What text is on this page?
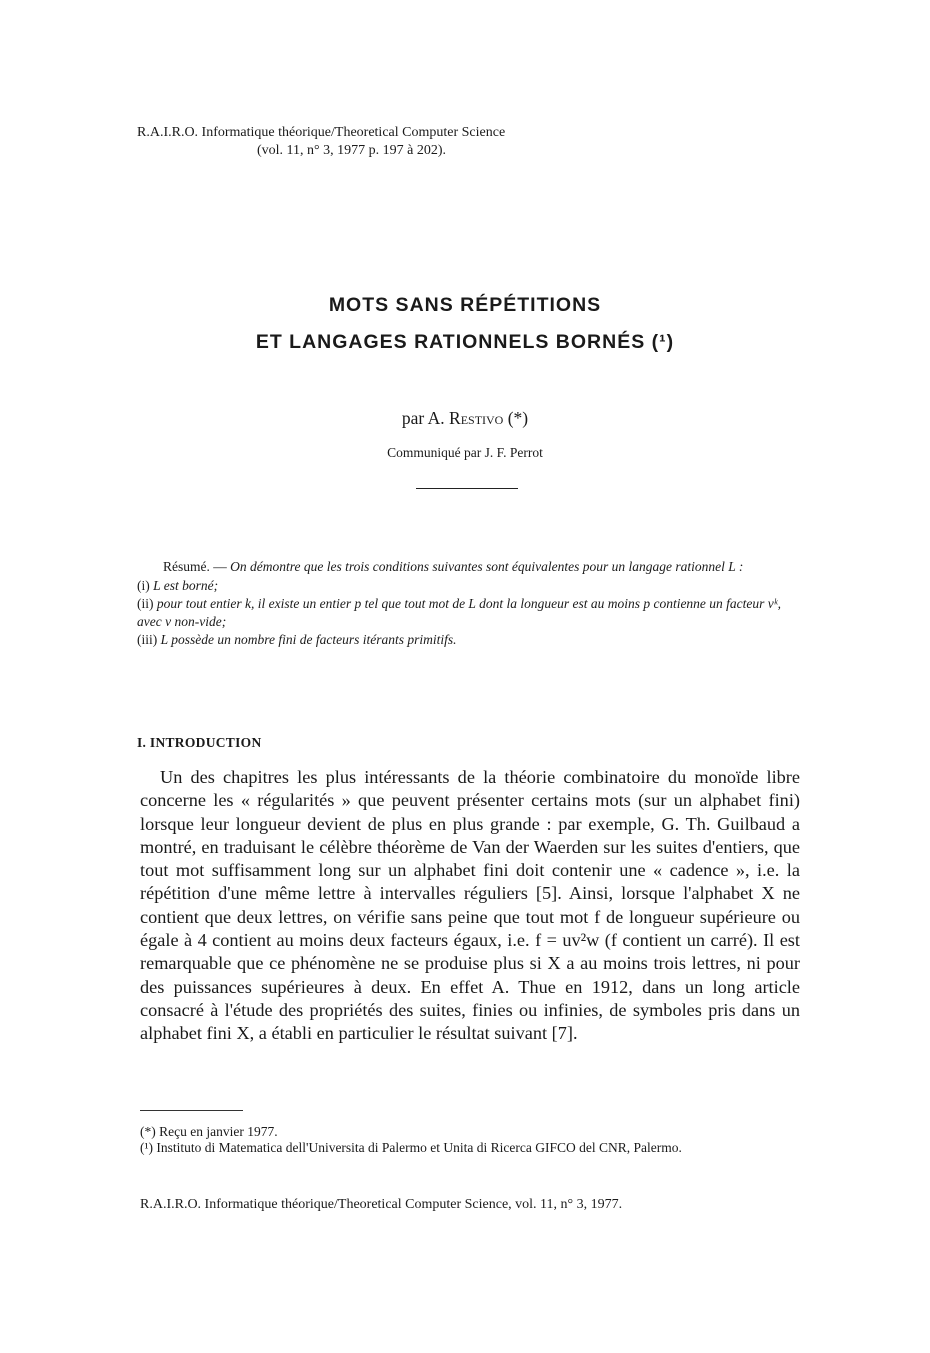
R.A.I.R.O. Informatique théorique/Theoretical Computer Science
(vol. 11, n° 3, 1977 p. 197 à 202).
MOTS SANS RÉPÉTITIONS
ET LANGAGES RATIONNELS BORNÉS (¹)
par A. Restivo (*)
Communiqué par J. F. Perrot

Résumé. — On démontre que les trois conditions suivantes sont équivalentes pour un langage rationnel L :

(i) L est borné;

(ii) pour tout entier k, il existe un entier p tel que tout mot de L dont la longueur est au moins p contienne un facteur vᵏ, avec v non-vide;

(iii) L possède un nombre fini de facteurs itérants primitifs.

I. INTRODUCTION

Un des chapitres les plus intéressants de la théorie combinatoire du monoïde libre concerne les « régularités » que peuvent présenter certains mots (sur un alphabet fini) lorsque leur longueur devient de plus en plus grande : par exemple, G. Th. Guilbaud a montré, en traduisant le célèbre théorème de Van der Waerden sur les suites d'entiers, que tout mot suffisamment long sur un alphabet fini doit contenir une « cadence », i.e. la répétition d'une même lettre à intervalles réguliers [5]. Ainsi, lorsque l'alphabet X ne contient que deux lettres, on vérifie sans peine que tout mot f de longueur supérieure ou égale à 4 contient au moins deux facteurs égaux, i.e. f = uv²w (f contient un carré). Il est remarquable que ce phénomène ne se produise plus si X a au moins trois lettres, ni pour des puissances supérieures à deux. En effet A. Thue en 1912, dans un long article consacré à l'étude des propriétés des suites, finies ou infinies, de symboles pris dans un alphabet fini X, a établi en particulier le résultat suivant [7].

(*) Reçu en janvier 1977.

(¹) Instituto di Matematica dell'Universita di Palermo et Unita di Ricerca GIFCO del CNR, Palermo.

R.A.I.R.O. Informatique théorique/Theoretical Computer Science, vol. 11, n° 3, 1977.
